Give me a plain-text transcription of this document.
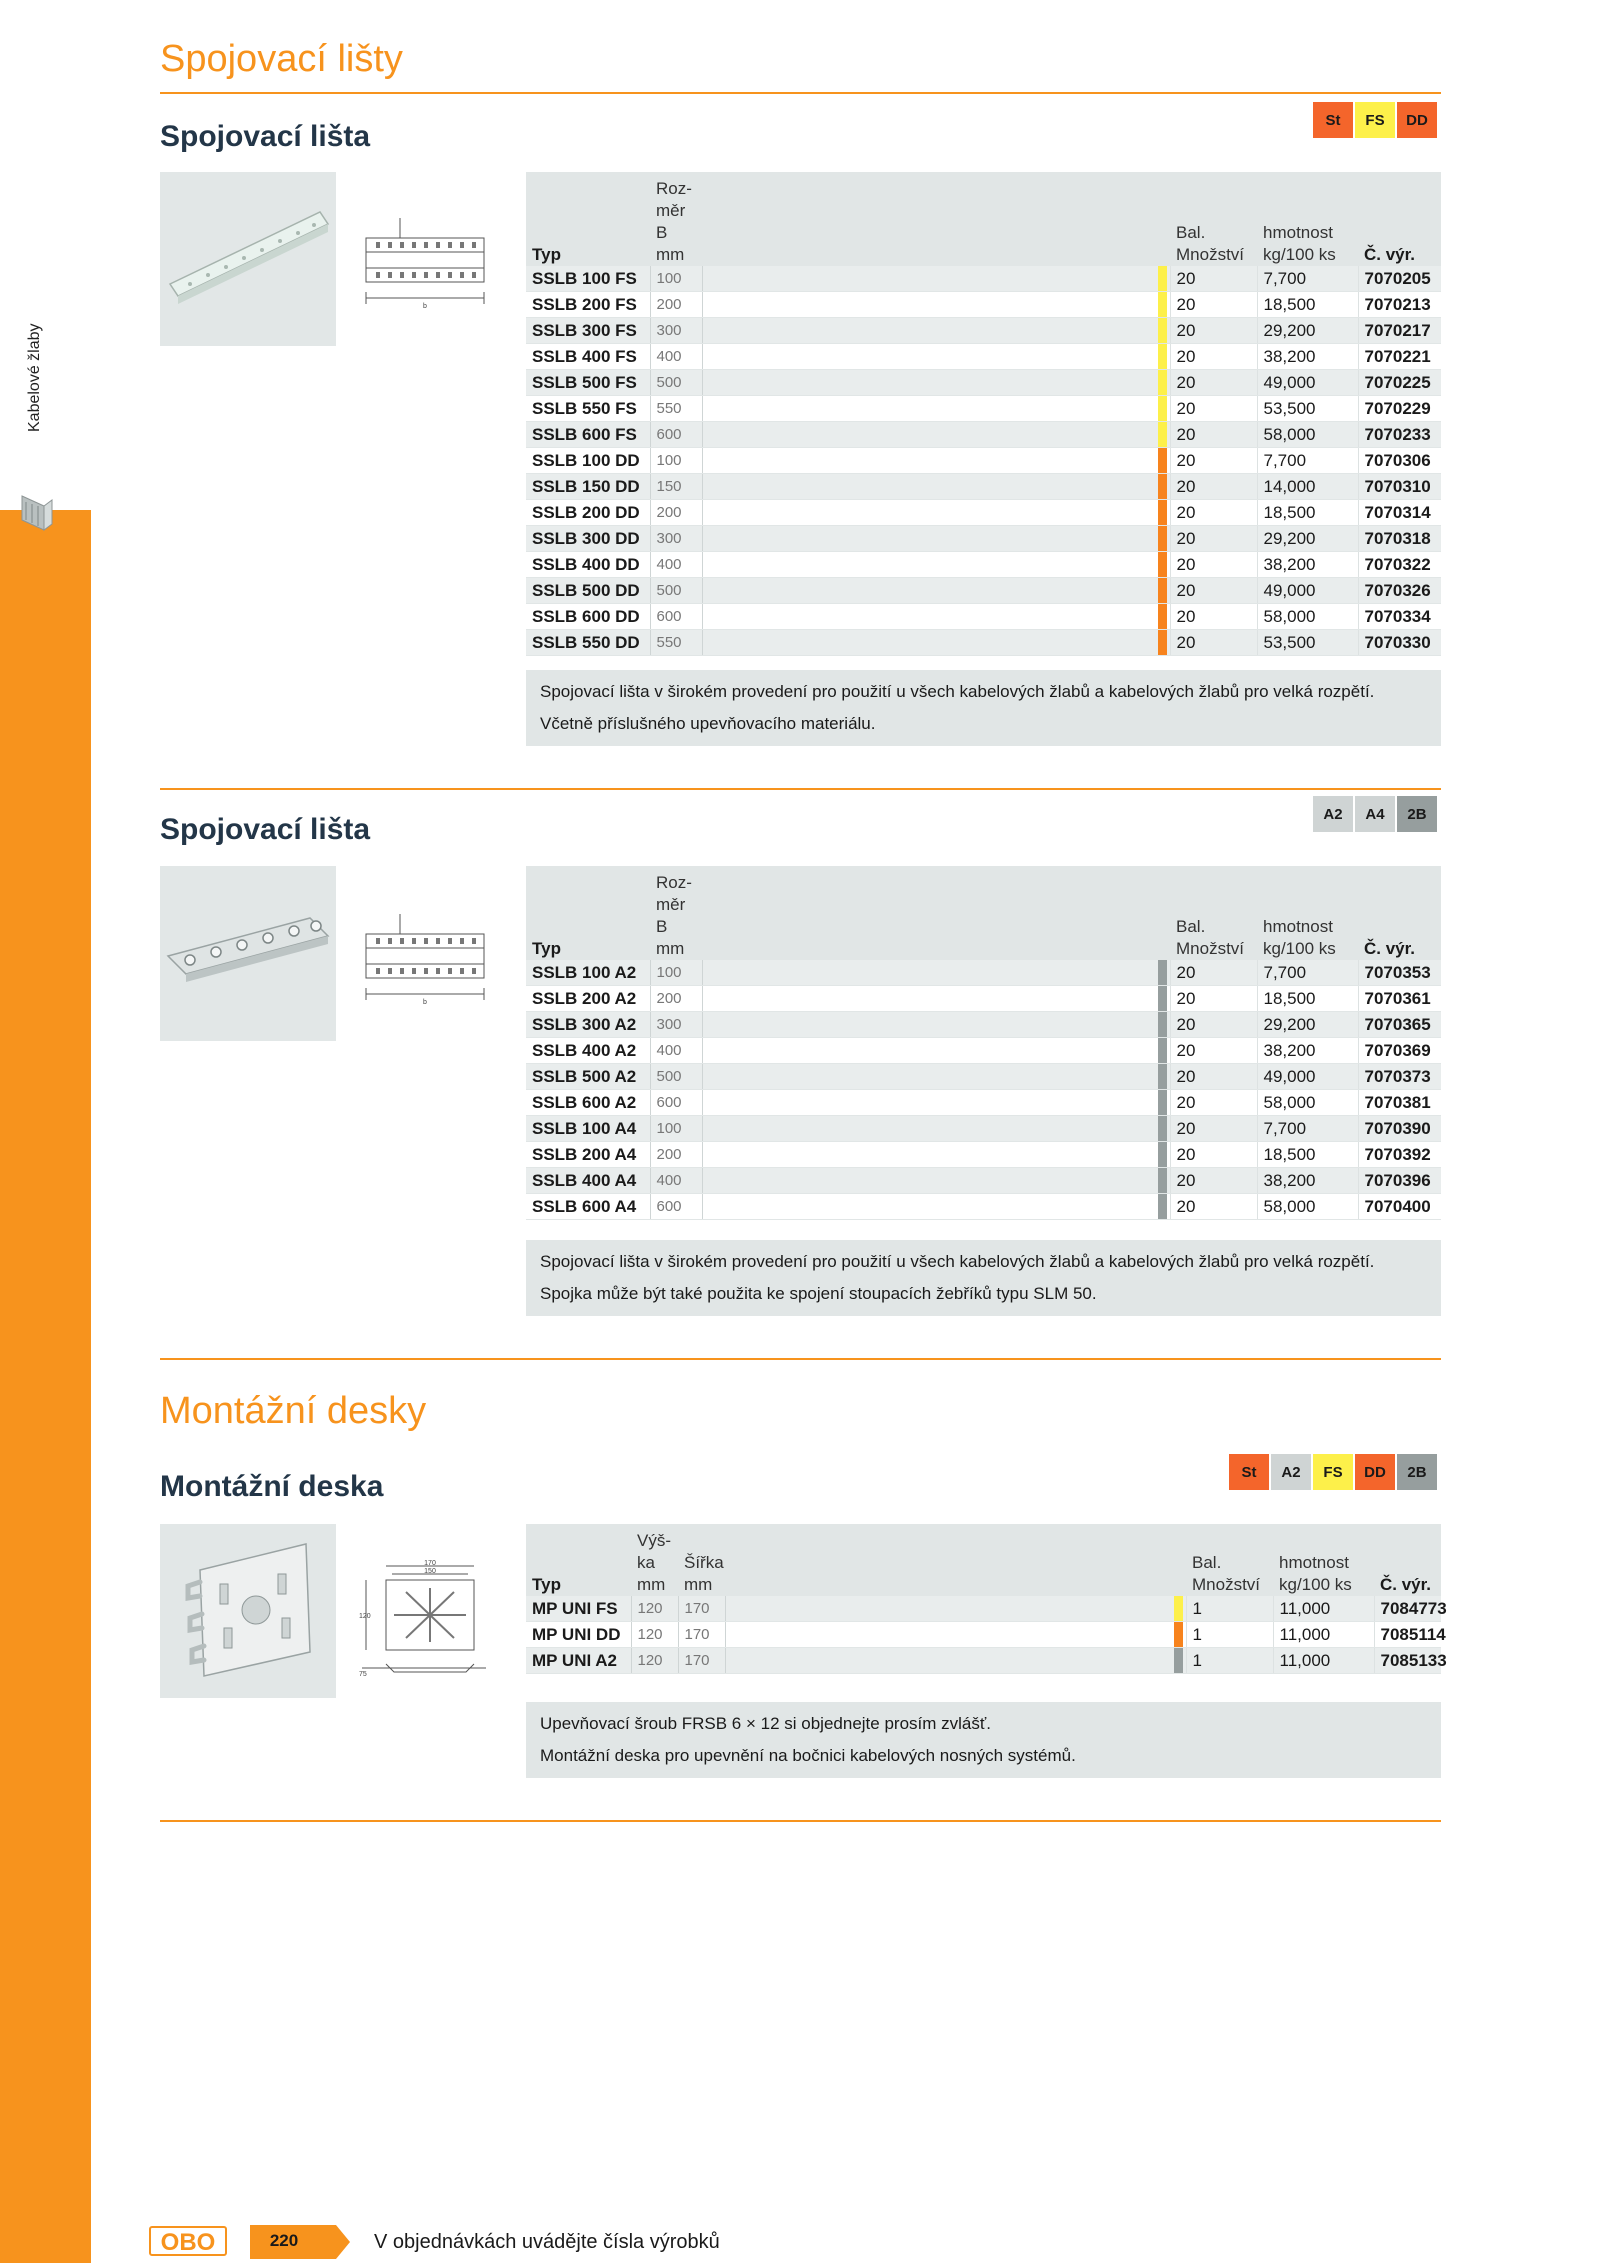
Kabelové žlaby
Spojovací lišty
Spojovací lišta	St	FS	DD
b
Typ	Roz-
měr
B
mm			Bal.
Množství	hmotnost
kg/100 ks	Č. výr.
SSLB 100 FS	100			20	7,700	7070205
SSLB 200 FS	200			20	18,500	7070213
SSLB 300 FS	300			20	29,200	7070217
SSLB 400 FS	400			20	38,200	7070221
SSLB 500 FS	500			20	49,000	7070225
SSLB 550 FS	550			20	53,500	7070229
SSLB 600 FS	600			20	58,000	7070233
SSLB 100 DD	100			20	7,700	7070306
SSLB 150 DD	150			20	14,000	7070310
SSLB 200 DD	200			20	18,500	7070314
SSLB 300 DD	300			20	29,200	7070318
SSLB 400 DD	400			20	38,200	7070322
SSLB 500 DD	500			20	49,000	7070326
SSLB 600 DD	600			20	58,000	7070334
SSLB 550 DD	550			20	53,500	7070330
Spojovací lišta v širokém provedení pro použití u všech kabelových žlabů a kabelových žlabů pro velká rozpětí.
Včetně příslušného upevňovacího materiálu.
Spojovací lišta	A2	A4	2B
b
Typ	Roz-
měr
B
mm			Bal.
Množství	hmotnost
kg/100 ks	Č. výr.
SSLB 100 A2	100			20	7,700	7070353
SSLB 200 A2	200			20	18,500	7070361
SSLB 300 A2	300			20	29,200	7070365
SSLB 400 A2	400			20	38,200	7070369
SSLB 500 A2	500			20	49,000	7070373
SSLB 600 A2	600			20	58,000	7070381
SSLB 100 A4	100			20	7,700	7070390
SSLB 200 A4	200			20	18,500	7070392
SSLB 400 A4	400			20	38,200	7070396
SSLB 600 A4	600			20	58,000	7070400
Spojovací lišta v širokém provedení pro použití u všech kabelových žlabů a kabelových žlabů pro velká rozpětí.
Spojka může být také použita ke spojení stoupacích žebříků typu SLM 50.
Montážní desky
Montážní deska	St	A2	FS	DD	2B
170
150
120
75
Typ	Výš-
ka
mm	Šířka
mm			Bal.
Množství	hmotnost
kg/100 ks	Č. výr.
MP UNI FS	120	170			1	11,000	7084773
MP UNI DD	120	170			1	11,000	7085114
MP UNI A2	120	170			1	11,000	7085133
Upevňovací šroub FRSB 6 × 12 si objednejte prosím zvlášť.
Montážní deska pro upevnění na bočnici kabelových nosných systémů.
OBO	220	V objednávkách uvádějte čísla výrobků
